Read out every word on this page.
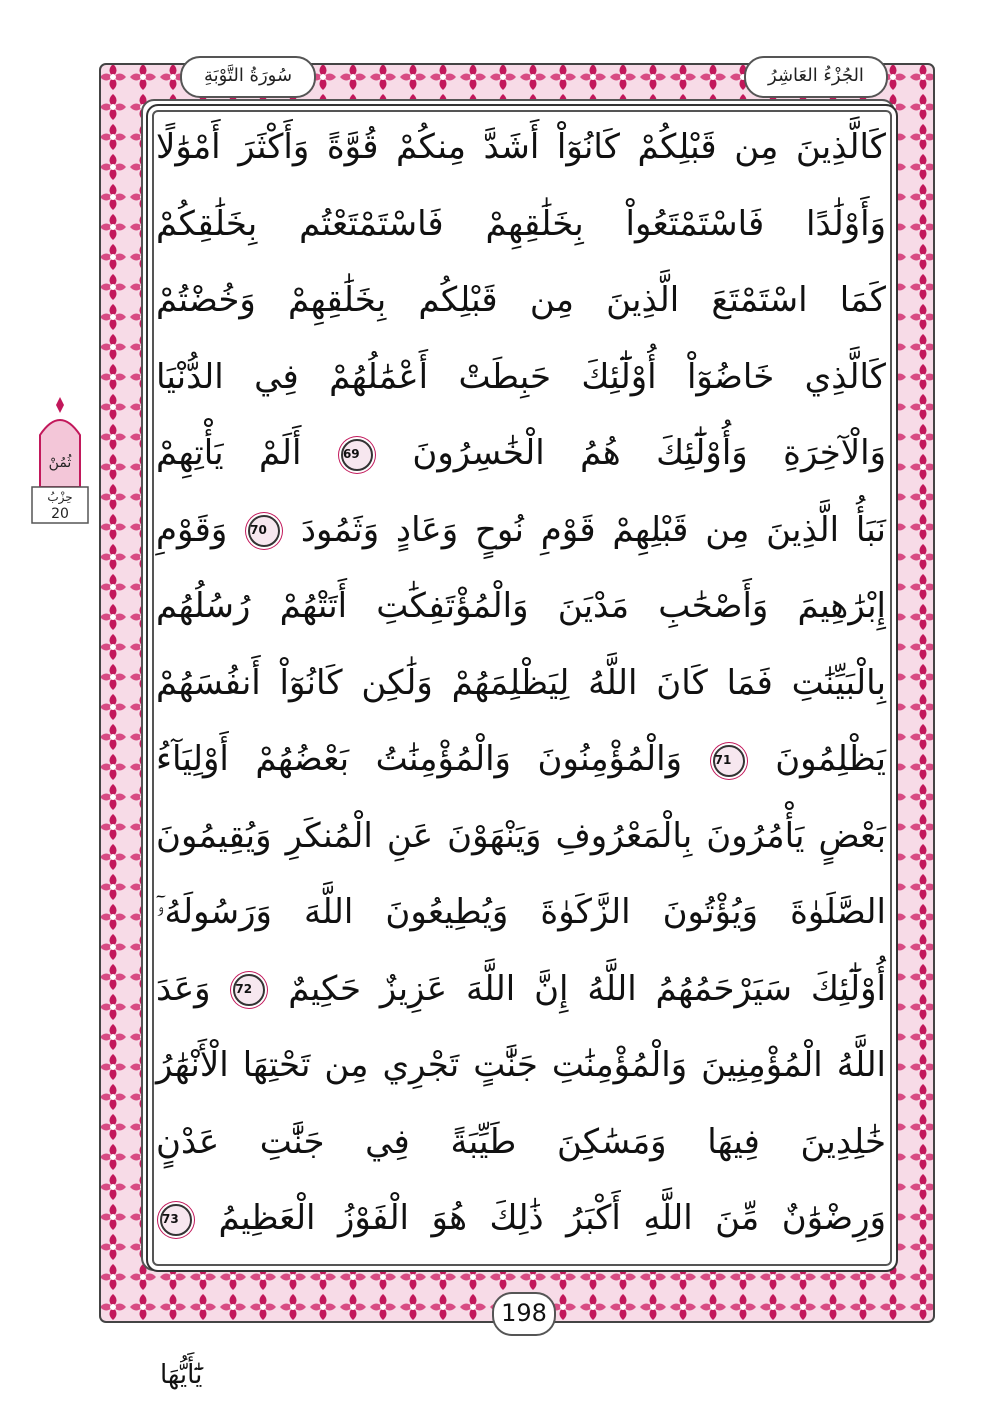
الجُزْءُ العَاشِرُ
سُورَةُ التَّوْبَةِ
ثُمُنْ
حِزْبُ
20
كَالَّذِينَ مِن قَبْلِكُمْ كَانُوٓاْ أَشَدَّ مِنكُمْ قُوَّةً وَأَكْثَرَ أَمْوَٰلًا
وَأَوْلَٰدًا فَاسْتَمْتَعُواْ بِخَلَٰقِهِمْ فَاسْتَمْتَعْتُم بِخَلَٰقِكُمْ
كَمَا اسْتَمْتَعَ الَّذِينَ مِن قَبْلِكُم بِخَلَٰقِهِمْ وَخُضْتُمْ
كَالَّذِي خَاضُوٓاْ أُوْلَٰٓئِكَ حَبِطَتْ أَعْمَٰلُهُمْ فِي الدُّنْيَا
وَالْآخِرَةِ وَأُوْلَٰٓئِكَ هُمُ الْخَٰسِرُونَ 69 أَلَمْ يَأْتِهِمْ
نَبَأُ الَّذِينَ مِن قَبْلِهِمْ قَوْمِ نُوحٍ وَعَادٍ وَثَمُودَ 70 وَقَوْمِ
إِبْرَٰهِيمَ وَأَصْحَٰبِ مَدْيَنَ وَالْمُؤْتَفِكَٰتِ أَتَتْهُمْ رُسُلُهُم
بِالْبَيِّنَٰتِ فَمَا كَانَ اللَّهُ لِيَظْلِمَهُمْ وَلَٰكِن كَانُوٓاْ أَنفُسَهُمْ
يَظْلِمُونَ 71 وَالْمُؤْمِنُونَ وَالْمُؤْمِنَٰتُ بَعْضُهُمْ أَوْلِيَآءُ
بَعْضٍ يَأْمُرُونَ بِالْمَعْرُوفِ وَيَنْهَوْنَ عَنِ الْمُنكَرِ وَيُقِيمُونَ
الصَّلَوٰةَ وَيُؤْتُونَ الزَّكَوٰةَ وَيُطِيعُونَ اللَّهَ وَرَسُولَهُۥٓ
أُوْلَٰٓئِكَ سَيَرْحَمُهُمُ اللَّهُ إِنَّ اللَّهَ عَزِيزٌ حَكِيمٌ 72 وَعَدَ
اللَّهُ الْمُؤْمِنِينَ وَالْمُؤْمِنَٰتِ جَنَّٰتٍ تَجْرِي مِن تَحْتِهَا الْأَنْهَٰرُ
خَٰلِدِينَ فِيهَا وَمَسَٰكِنَ طَيِّبَةً فِي جَنَّٰتِ عَدْنٍ
وَرِضْوَٰنٌ مِّنَ اللَّهِ أَكْبَرُ ذَٰلِكَ هُوَ الْفَوْزُ الْعَظِيمُ 73
198
يَٰٓأَيُّهَا
